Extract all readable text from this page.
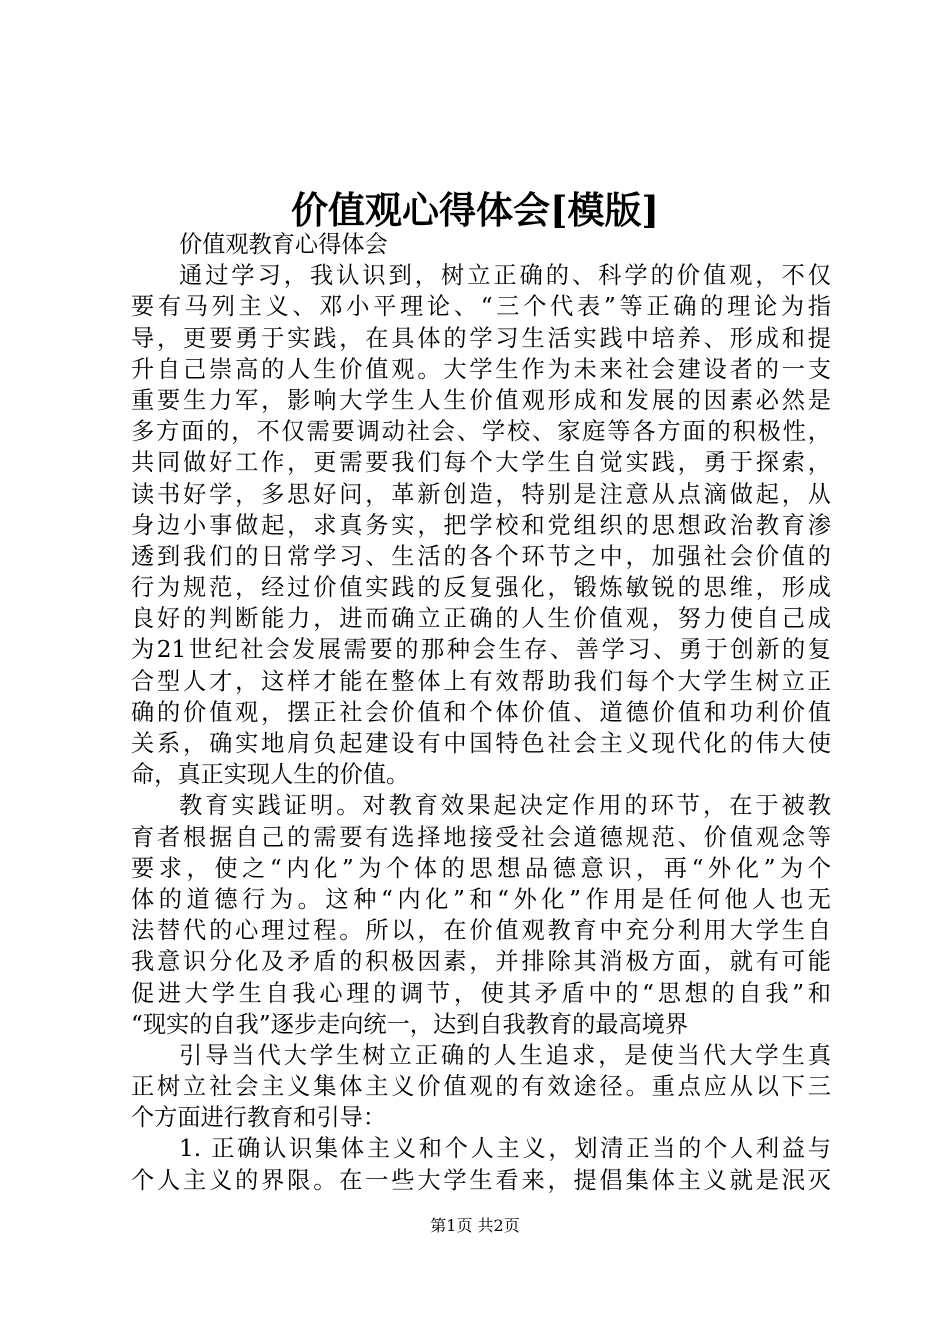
价值观心得体会[模版]
价值观教育心得体会
通过学习，我认识到，树立正确的、科学的价值观，不仅
要有马列主义、邓小平理论、“三个代表”等正确的理论为指
导，更要勇于实践，在具体的学习生活实践中培养、形成和提
升自己崇高的人生价值观。大学生作为未来社会建设者的一支
重要生力军，影响大学生人生价值观形成和发展的因素必然是
多方面的，不仅需要调动社会、学校、家庭等各方面的积极性，
共同做好工作，更需要我们每个大学生自觉实践，勇于探索，
读书好学，多思好问，革新创造，特别是注意从点滴做起，从
身边小事做起，求真务实，把学校和党组织的思想政治教育渗
透到我们的日常学习、生活的各个环节之中，加强社会价值的
行为规范，经过价值实践的反复强化，锻炼敏锐的思维，形成
良好的判断能力，进而确立正确的人生价值观，努力使自己成
为21世纪社会发展需要的那种会生存、善学习、勇于创新的复
合型人才，这样才能在整体上有效帮助我们每个大学生树立正
确的价值观，摆正社会价值和个体价值、道德价值和功利价值
关系，确实地肩负起建设有中国特色社会主义现代化的伟大使
命，真正实现人生的价值。
教育实践证明。对教育效果起决定作用的环节，在于被教
育者根据自己的需要有选择地接受社会道德规范、价值观念等
要求，使之“内化”为个体的思想品德意识，再“外化”为个
体的道德行为。这种“内化”和“外化”作用是任何他人也无
法替代的心理过程。所以，在价值观教育中充分利用大学生自
我意识分化及矛盾的积极因素，并排除其消极方面，就有可能
促进大学生自我心理的调节，使其矛盾中的“思想的自我”和
“现实的自我”逐步走向统一，达到自我教育的最高境界
引导当代大学生树立正确的人生追求，是使当代大学生真
正树立社会主义集体主义价值观的有效途径。重点应从以下三
个方面进行教育和引导：
1. 正确认识集体主义和个人主义，划清正当的个人利益与
个人主义的界限。在一些大学生看来，提倡集体主义就是泯灭
第1页 共2页
